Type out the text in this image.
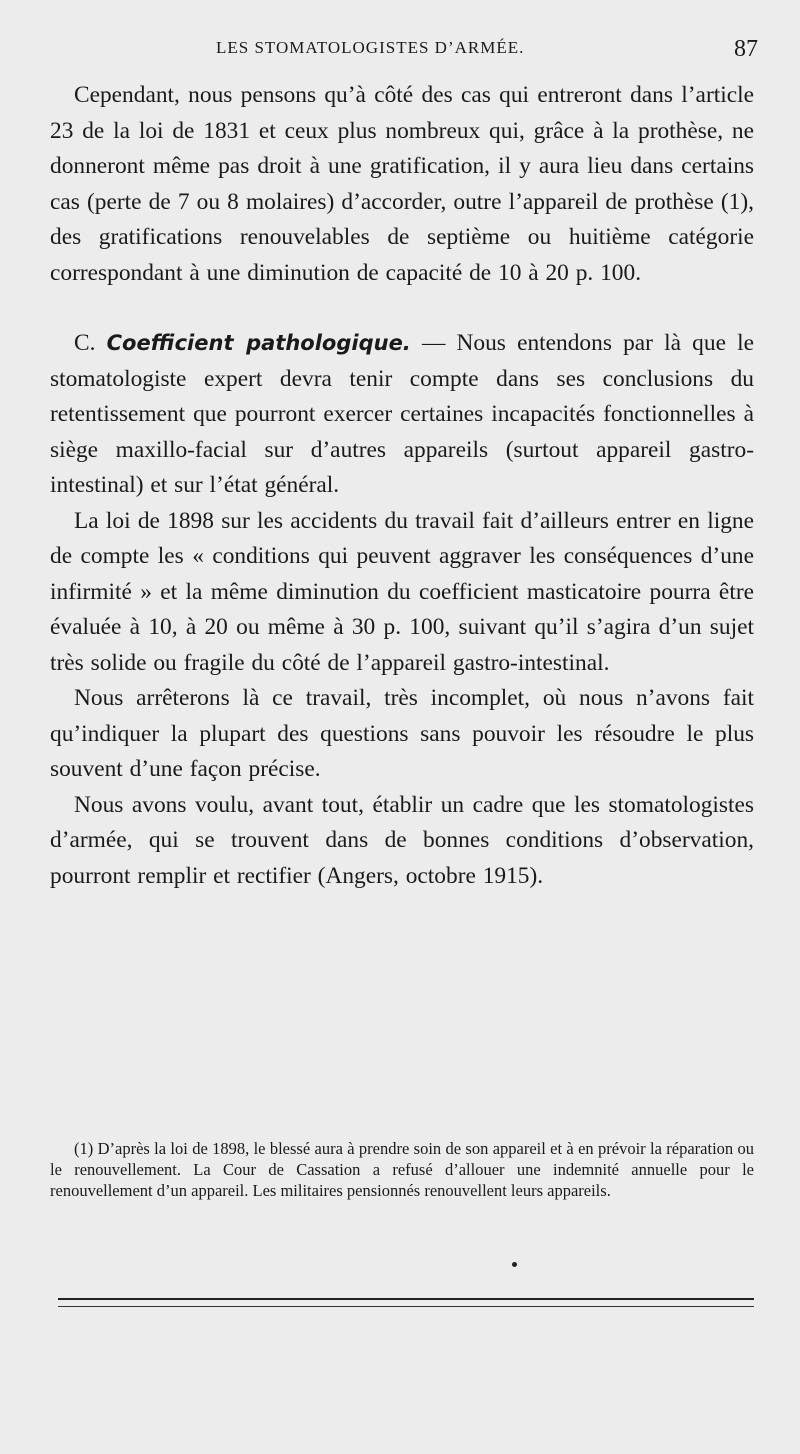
LES STOMATOLOGISTES D’ARMÉE.	87

Cependant, nous pensons qu’à côté des cas qui entreront dans l’article 23 de la loi de 1831 et ceux plus nombreux qui, grâce à la prothèse, ne donneront même pas droit à une gratification, il y aura lieu dans certains cas (perte de 7 ou 8 molaires) d’accorder, outre l’appareil de prothèse (1), des gratifications renouvelables de septième ou huitième catégorie correspondant à une diminution de capacité de 10 à 20 p. 100.

C. Coefficient pathologique. — Nous entendons par là que le stomatologiste expert devra tenir compte dans ses conclusions du retentissement que pourront exercer certaines incapacités fonctionnelles à siège maxillo-facial sur d’autres appareils (surtout appareil gastro-intestinal) et sur l’état général.

La loi de 1898 sur les accidents du travail fait d’ailleurs entrer en ligne de compte les « conditions qui peuvent aggraver les conséquences d’une infirmité » et la même diminution du coefficient masticatoire pourra être évaluée à 10, à 20 ou même à 30 p. 100, suivant qu’il s’agira d’un sujet très solide ou fragile du côté de l’appareil gastro-intestinal.

Nous arrêterons là ce travail, très incomplet, où nous n’avons fait qu’indiquer la plupart des questions sans pouvoir les résoudre le plus souvent d’une façon précise.

Nous avons voulu, avant tout, établir un cadre que les stomatologistes d’armée, qui se trouvent dans de bonnes conditions d’observation, pourront remplir et rectifier (Angers, octobre 1915).

(1) D’après la loi de 1898, le blessé aura à prendre soin de son appareil et à en prévoir la réparation ou le renouvellement. La Cour de Cassation a refusé d’allouer une indemnité annuelle pour le renouvellement d’un appareil. Les militaires pensionnés renouvellent leurs appareils.
